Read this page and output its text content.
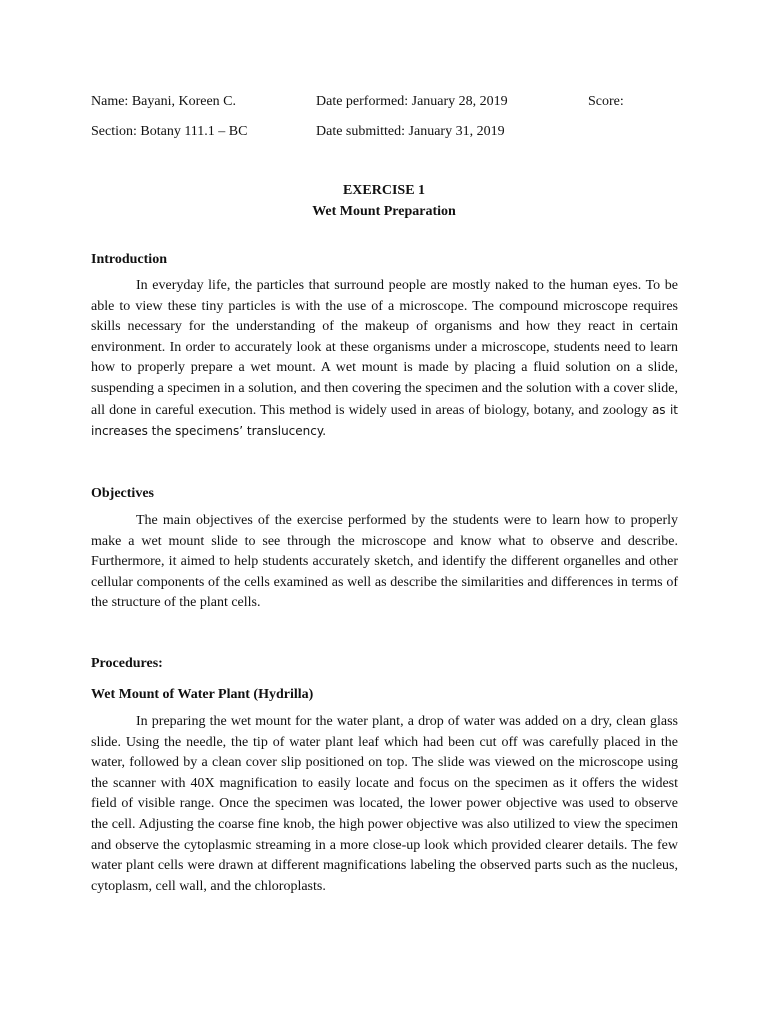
Name: Bayani, Koreen C.	Date performed: January 28, 2019	Score:
Section: Botany 111.1 – BC	Date submitted: January 31, 2019
EXERCISE 1
Wet Mount Preparation
Introduction

In everyday life, the particles that surround people are mostly naked to the human eyes. To be able to view these tiny particles is with the use of a microscope. The compound microscope requires skills necessary for the understanding of the makeup of organisms and how they react in certain environment. In order to accurately look at these organisms under a microscope, students need to learn how to properly prepare a wet mount. A wet mount is made by placing a fluid solution on a slide, suspending a specimen in a solution, and then covering the specimen and the solution with a cover slide, all done in careful execution. This method is widely used in areas of biology, botany, and zoology as it increases the specimens’ translucency.

Objectives

The main objectives of the exercise performed by the students were to learn how to properly make a wet mount slide to see through the microscope and know what to observe and describe. Furthermore, it aimed to help students accurately sketch, and identify the different organelles and other cellular components of the cells examined as well as describe the similarities and differences in terms of the structure of the plant cells.

Procedures:
Wet Mount of Water Plant (Hydrilla)

In preparing the wet mount for the water plant, a drop of water was added on a dry, clean glass slide. Using the needle, the tip of water plant leaf which had been cut off was carefully placed in the water, followed by a clean cover slip positioned on top. The slide was viewed on the microscope using the scanner with 40X magnification to easily locate and focus on the specimen as it offers the widest field of visible range. Once the specimen was located, the lower power objective was used to observe the cell. Adjusting the coarse fine knob, the high power objective was also utilized to view the specimen and observe the cytoplasmic streaming in a more close-up look which provided clearer details. The few water plant cells were drawn at different magnifications labeling the observed parts such as the nucleus, cytoplasm, cell wall, and the chloroplasts.
